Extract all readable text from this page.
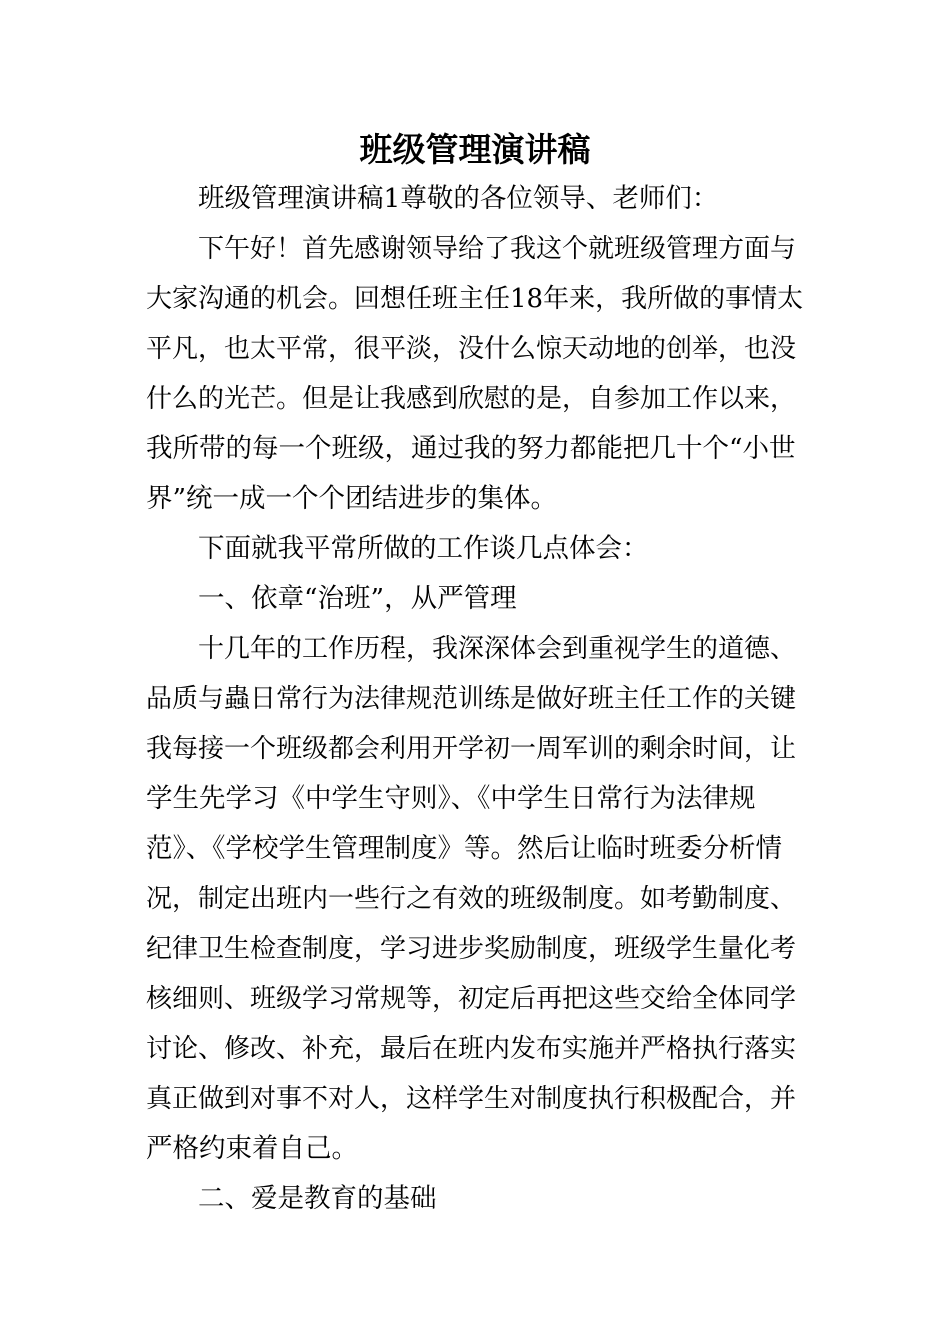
班级管理演讲稿
班级管理演讲稿1尊敬的各位领导、老师们：
下午好！首先感谢领导给了我这个就班级管理方面与
大家沟通的机会。回想任班主任18年来，我所做的事情太
平凡，也太平常，很平淡，没什么惊天动地的创举，也没
什么的光芒。但是让我感到欣慰的是，自参加工作以来，
我所带的每一个班级，通过我的努力都能把几十个“小世
界”统一成一个个团结进步的集体。
下面就我平常所做的工作谈几点体会：
一、依章“治班”，从严管理
十几年的工作历程，我深深体会到重视学生的道德、
品质与蟲日常行为法律规范训练是做好班主任工作的关键
我每接一个班级都会利用开学初一周军训的剩余时间，让
学生先学习《中学生守则》、《中学生日常行为法律规
范》、《学校学生管理制度》等。然后让临时班委分析情
况，制定出班内一些行之有效的班级制度。如考勤制度、
纪律卫生检查制度，学习进步奖励制度，班级学生量化考
核细则、班级学习常规等，初定后再把这些交给全体同学
讨论、修改、补充，最后在班内发布实施并严格执行落实
真正做到对事不对人，这样学生对制度执行积极配合，并
严格约束着自己。
二、爱是教育的基础
